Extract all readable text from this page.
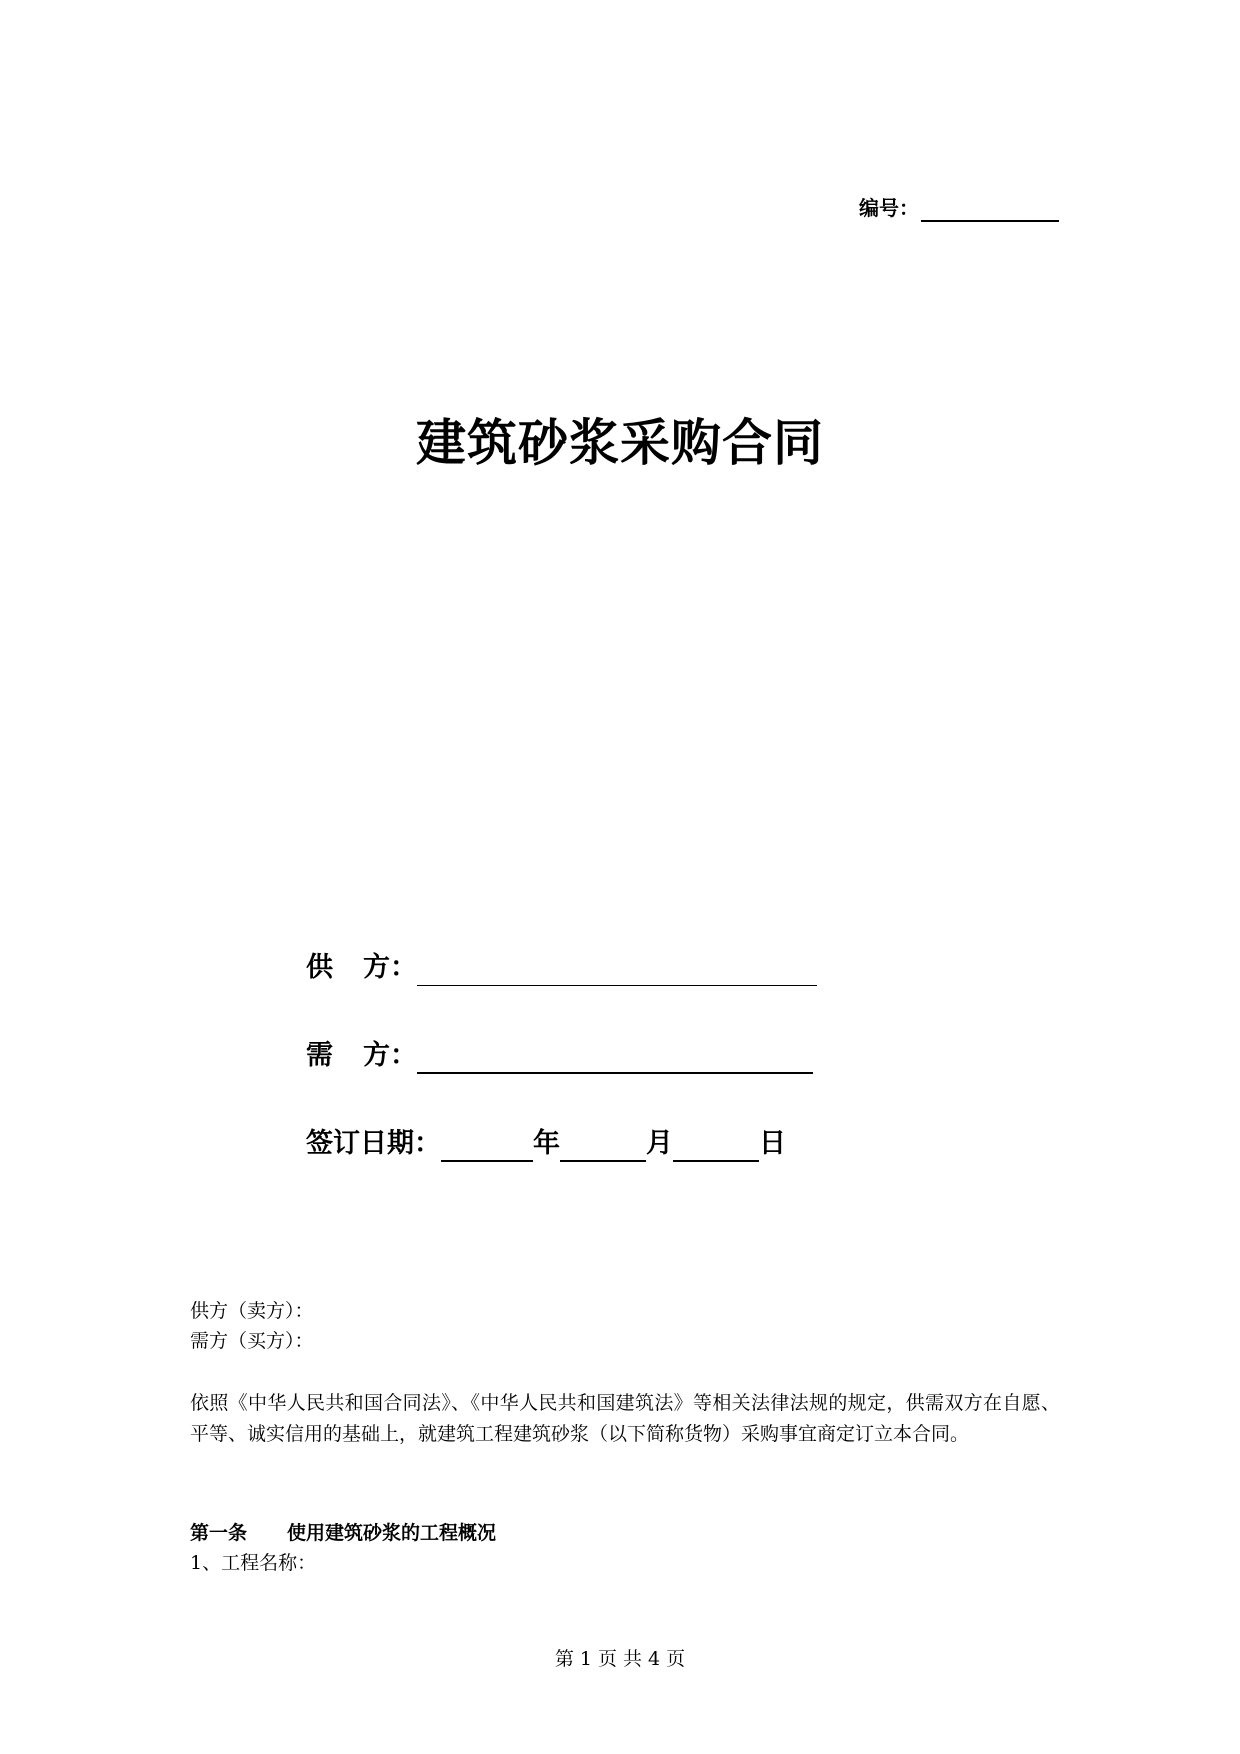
编号：
建筑砂浆采购合同
供 方：
需 方：
签订日期：	年	月	日
供方（卖方）：
需方（买方）：
依照《中华人民共和国合同法》、《中华人民共和国建筑法》等相关法律法规的规定，供需双方在自愿、平等、诚实信用的基础上，就建筑工程建筑砂浆（以下简称货物）采购事宜商定订立本合同。
第一条 使用建筑砂浆的工程概况
1、工程名称：
第 1 页 共 4 页
